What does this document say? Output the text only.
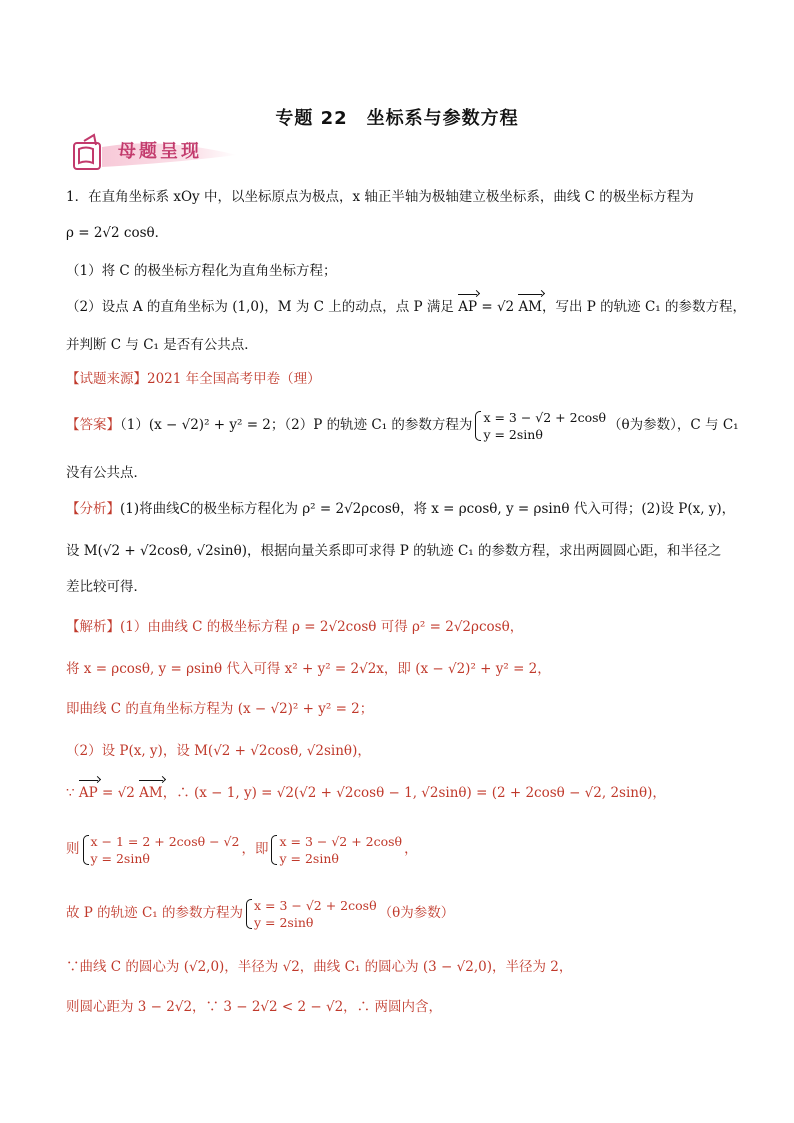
专题 22　坐标系与参数方程
母题呈现
1．在直角坐标系 xOy 中，以坐标原点为极点，x 轴正半轴为极轴建立极坐标系，曲线 C 的极坐标方程为
ρ = 2√2 cosθ．
（1）将 C 的极坐标方程化为直角坐标方程；
（2）设点 A 的直角坐标为 (1,0)，M 为 C 上的动点，点 P 满足 AP = √2 AM，写出 P 的轨迹 C₁ 的参数方程，
并判断 C 与 C₁ 是否有公共点．
【试题来源】2021 年全国高考甲卷（理）
【答案】（1）(x − √2)² + y² = 2；（2）P 的轨迹 C₁ 的参数方程为 x = 3 − √2 + 2cosθ
y = 2sinθ
（θ为参数），C 与 C₁
没有公共点．
【分析】(1)将曲线C的极坐标方程化为 ρ² = 2√2ρcosθ，将 x = ρcosθ, y = ρsinθ 代入可得；(2)设 P(x, y)，
设 M(√2 + √2cosθ, √2sinθ)，根据向量关系即可求得 P 的轨迹 C₁ 的参数方程，求出两圆圆心距，和半径之
差比较可得．
【解析】(1）由曲线 C 的极坐标方程 ρ = 2√2cosθ 可得 ρ² = 2√2ρcosθ，
将 x = ρcosθ, y = ρsinθ 代入可得 x² + y² = 2√2x，即 (x − √2)² + y² = 2，
即曲线 C 的直角坐标方程为 (x − √2)² + y² = 2；
（2）设 P(x, y)，设 M(√2 + √2cosθ, √2sinθ)，
∵ AP = √2 AM，∴ (x − 1, y) = √2(√2 + √2cosθ − 1, √2sinθ) = (2 + 2cosθ − √2, 2sinθ)，
则 x − 1 = 2 + 2cosθ − √2
y = 2sinθ
，即 x = 3 − √2 + 2cosθ
y = 2sinθ
，
故 P 的轨迹 C₁ 的参数方程为 x = 3 − √2 + 2cosθ
y = 2sinθ
（θ为参数）
∵曲线 C 的圆心为 (√2,0)，半径为 √2，曲线 C₁ 的圆心为 (3 − √2,0)，半径为 2，
则圆心距为 3 − 2√2，∵ 3 − 2√2 < 2 − √2，∴ 两圆内含，
